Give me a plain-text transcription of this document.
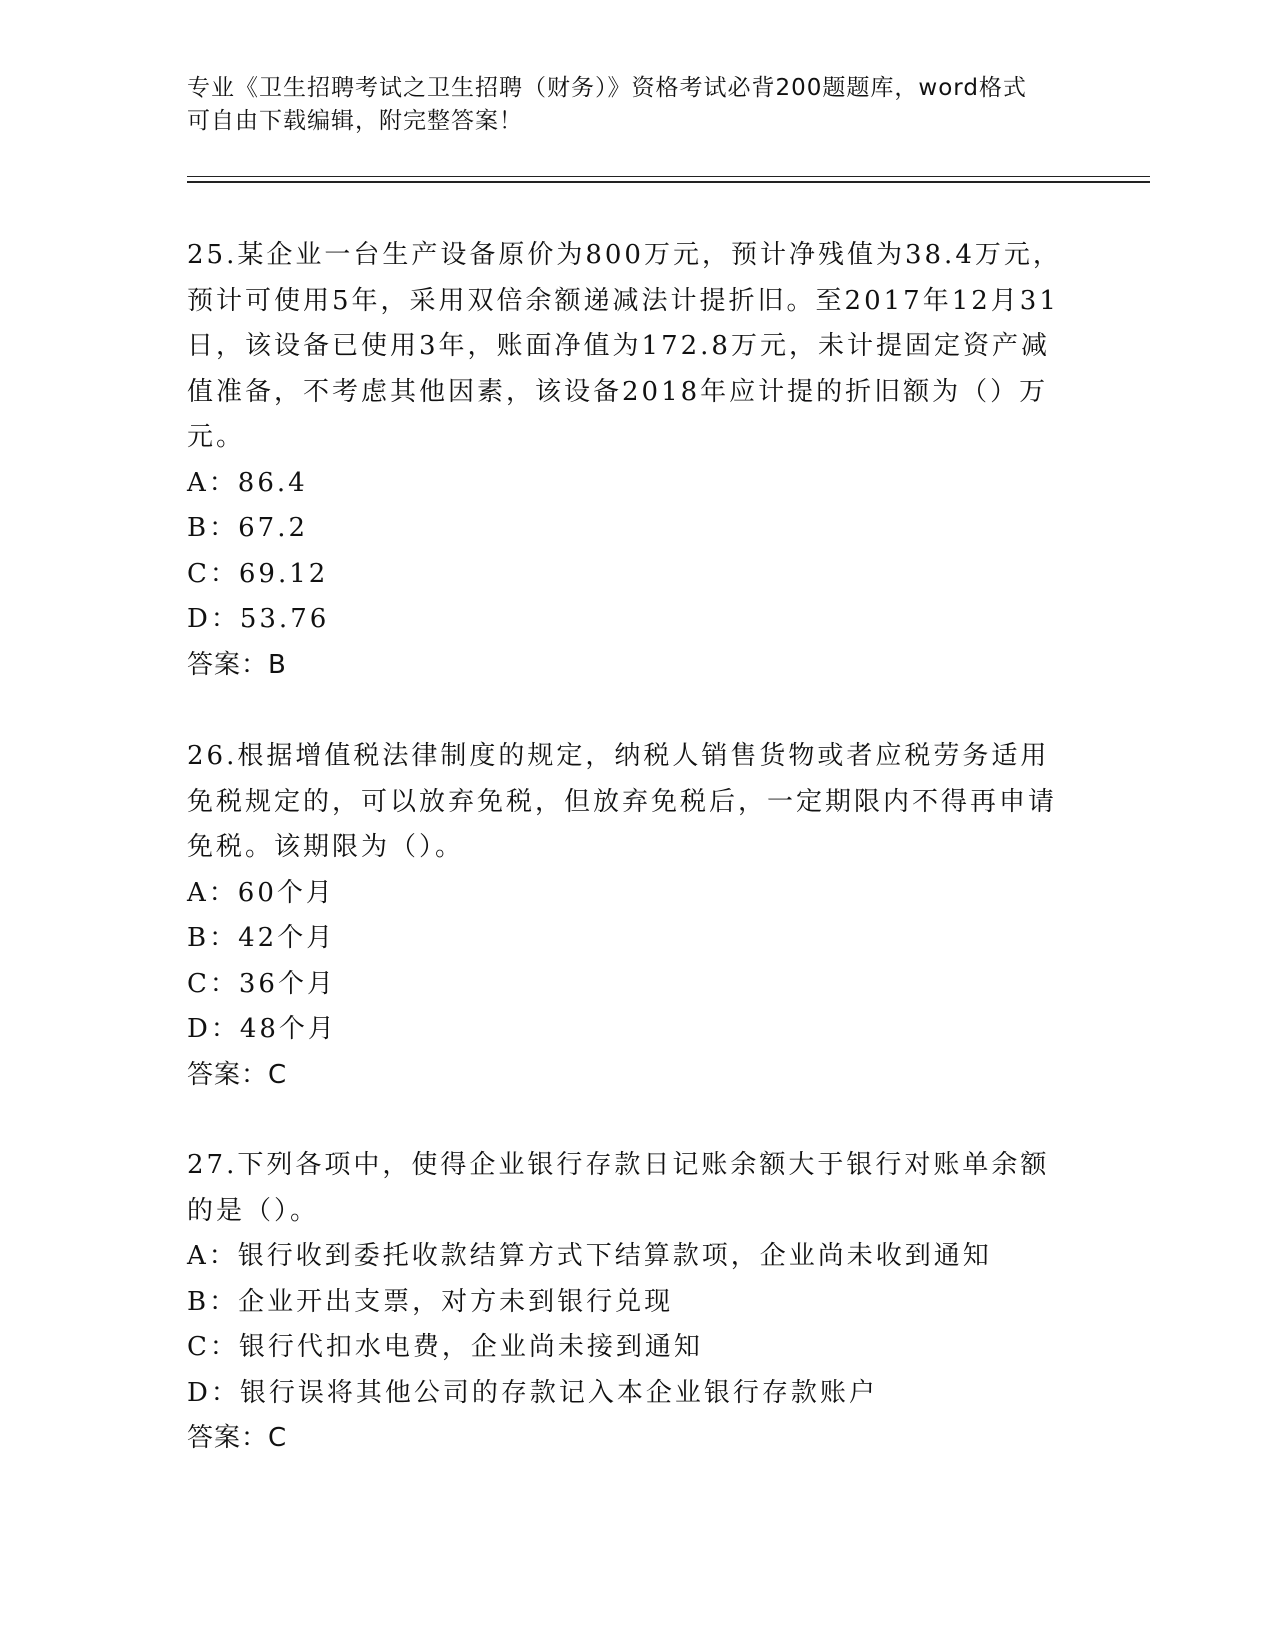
专业《卫生招聘考试之卫生招聘（财务）》资格考试必背200题题库，word格式
可自由下载编辑，附完整答案！
25.某企业一台生产设备原价为800万元，预计净残值为38.4万元，预计可使用5年，采用双倍余额递减法计提折旧。至2017年12月31日，该设备已使用3年，账面净值为172.8万元，未计提固定资产减值准备，不考虑其他因素，该设备2018年应计提的折旧额为（）万元。
A：86.4
B：67.2
C：69.12
D：53.76
答案：B
26.根据增值税法律制度的规定，纳税人销售货物或者应税劳务适用免税规定的，可以放弃免税，但放弃免税后，一定期限内不得再申请免税。该期限为（）。
A：60个月
B：42个月
C：36个月
D：48个月
答案：C
27.下列各项中，使得企业银行存款日记账余额大于银行对账单余额的是（）。
A：银行收到委托收款结算方式下结算款项，企业尚未收到通知
B：企业开出支票，对方未到银行兑现
C：银行代扣水电费，企业尚未接到通知
D：银行误将其他公司的存款记入本企业银行存款账户
答案：C
